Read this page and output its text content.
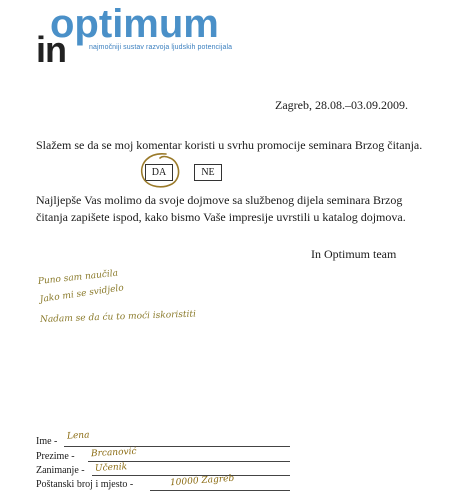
optimum
in	najmočniji sustav razvoja ljudskih potencijala
Zagreb, 28.08.–03.09.2009.
Slažem se da se moj komentar koristi u svrhu promocije seminara Brzog čitanja.
DA	NE
Najljepše Vas molimo da svoje dojmove sa službenog dijela seminara Brzog čitanja zapišete ispod, kako bismo Vaše impresije uvrstili u katalog dojmova.
In Optimum team
Puno sam naučila
Jako mi se svidjelo
Nadam se da ću to moći iskoristiti
Ime - Lena
Prezime - Brcanović
Zanimanje - Učenik
Poštanski broj i mjesto -	10000 Zagreb
